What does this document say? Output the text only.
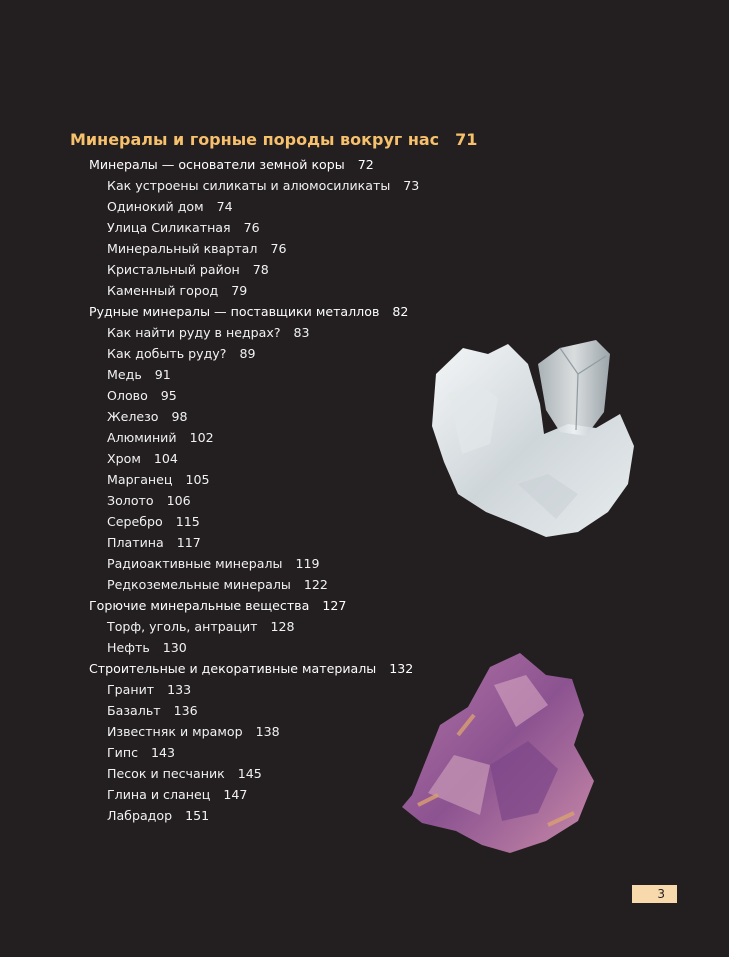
Минералы и горные породы вокруг нас 71
Минералы — основатели земной коры 72
Как устроены силикаты и алюмосиликаты 73
Одинокий дом 74
Улица Силикатная 76
Минеральный квартал 76
Кристальный район 78
Каменный город 79
Рудные минералы — поставщики металлов 82
Как найти руду в недрах? 83
Как добыть руду? 89
Медь 91
Олово 95
Железо 98
Алюминий 102
Хром 104
Марганец 105
Золото 106
Серебро 115
Платина 117
Радиоактивные минералы 119
Редкоземельные минералы 122
Горючие минеральные вещества 127
Торф, уголь, антрацит 128
Нефть 130
Строительные и декоративные материалы 132
Гранит 133
Базальт 136
Известняк и мрамор 138
Гипс 143
Песок и песчаник 145
Глина и сланец 147
Лабрадор 151
3
